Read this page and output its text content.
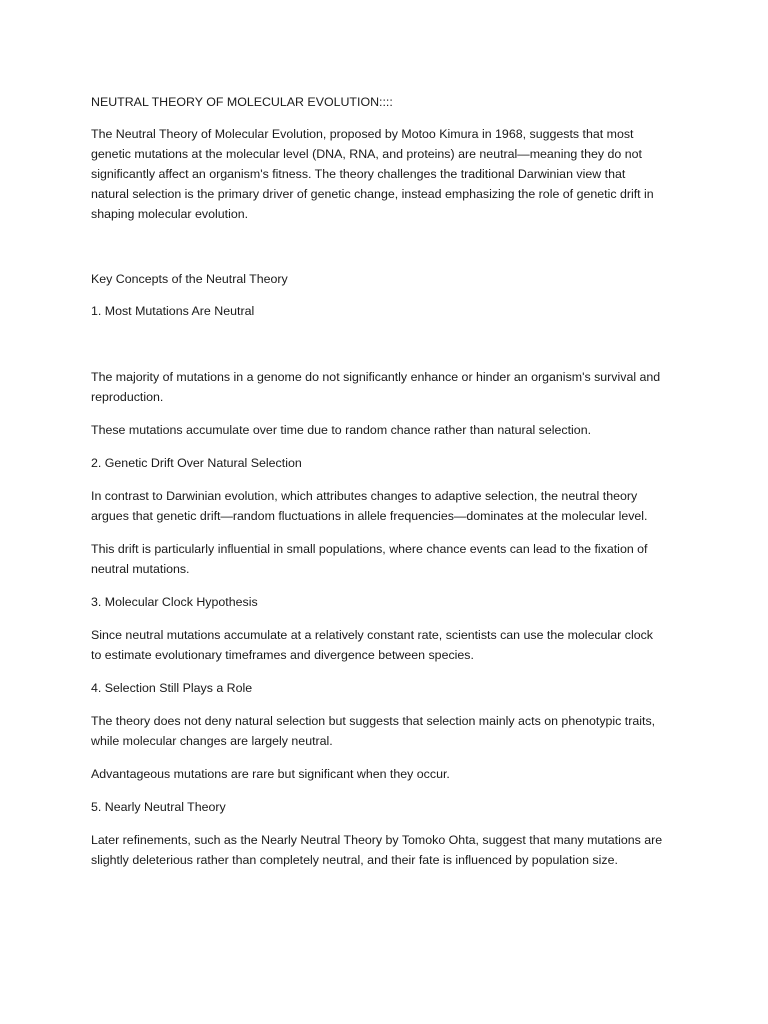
NEUTRAL THEORY OF MOLECULAR EVOLUTION::::

The Neutral Theory of Molecular Evolution, proposed by Motoo Kimura in 1968, suggests that most
genetic mutations at the molecular level (DNA, RNA, and proteins) are neutral—meaning they do not
significantly affect an organism's fitness. The theory challenges the traditional Darwinian view that
natural selection is the primary driver of genetic change, instead emphasizing the role of genetic drift in
shaping molecular evolution.

Key Concepts of the Neutral Theory

1. Most Mutations Are Neutral

The majority of mutations in a genome do not significantly enhance or hinder an organism's survival and
reproduction.

These mutations accumulate over time due to random chance rather than natural selection.

2. Genetic Drift Over Natural Selection

In contrast to Darwinian evolution, which attributes changes to adaptive selection, the neutral theory
argues that genetic drift—random fluctuations in allele frequencies—dominates at the molecular level.

This drift is particularly influential in small populations, where chance events can lead to the fixation of
neutral mutations.

3. Molecular Clock Hypothesis

Since neutral mutations accumulate at a relatively constant rate, scientists can use the molecular clock
to estimate evolutionary timeframes and divergence between species.

4. Selection Still Plays a Role

The theory does not deny natural selection but suggests that selection mainly acts on phenotypic traits,
while molecular changes are largely neutral.

Advantageous mutations are rare but significant when they occur.

5. Nearly Neutral Theory

Later refinements, such as the Nearly Neutral Theory by Tomoko Ohta, suggest that many mutations are
slightly deleterious rather than completely neutral, and their fate is influenced by population size.
